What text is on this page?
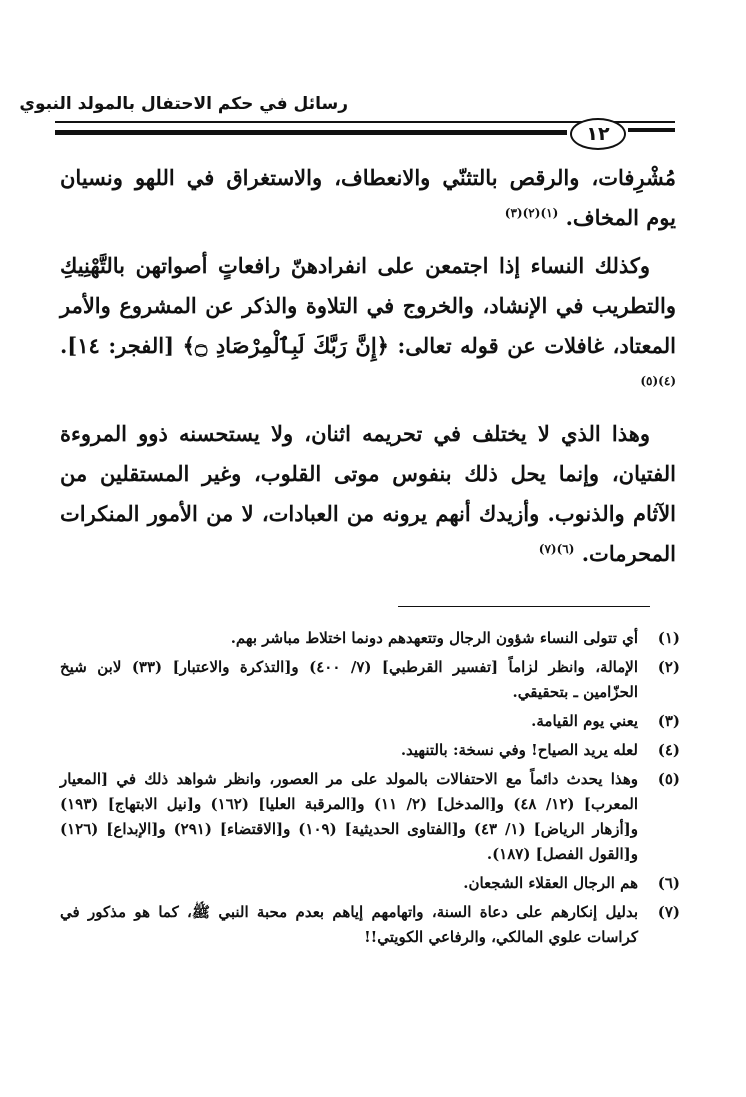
رسائل في حكم الاحتفال بالمولد النبوي
١٢

مُشْرِفات، والرقص بالتثنّي والانعطاف، والاستغراق في اللهو ونسيان يوم المخاف. $^{(١)(٢)(٣)}$

وكذلك النساء إذا اجتمعن على انفرادهنّ رافعاتٍ أصواتهن بالتَّهْنِيكِ والتطريب في الإنشاد، والخروج في التلاوة والذكر عن المشروع والأمر المعتاد، غافلات عن قوله تعالى: ﴿إِنَّ رَبَّكَ لَبِٱلْمِرْصَادِ ۝﴾ [الفجر: ١٤]. $^{(٤)(٥)}$

وهذا الذي لا يختلف في تحريمه اثنان، ولا يستحسنه ذوو المروءة الفتيان، وإنما يحل ذلك بنفوس موتى القلوب، وغير المستقلين من الآثام والذنوب. وأزيدك أنهم يرونه من العبادات، لا من الأمور المنكرات المحرمات. $^{(٦)(٧)}$

(١)
أي تتولى النساء شؤون الرجال وتتعهدهم دونما اختلاط مباشر بهم.
(٢)
الإمالة، وانظر لزاماً [تفسير القرطبي] (٧/ ٤٠٠) و[التذكرة والاعتبار] (٣٣) لابن شيخ الحزّامين ـ بتحقيقي.
(٣)
يعني يوم القيامة.
(٤)
لعله يريد الصياح! وفي نسخة: بالتنهيد.
(٥)
وهذا يحدث دائماً مع الاحتفالات بالمولد على مر العصور، وانظر شواهد ذلك في [المعيار المعرب] (١٢/ ٤٨) و[المدخل] (٢/ ١١) و[المرقبة العليا] (١٦٢) و[نيل الابتهاج] (١٩٣) و[أزهار الرياض] (١/ ٤٣) و[الفتاوى الحديثية] (١٠٩) و[الاقتضاء] (٢٩١) و[الإبداع] (١٢٦) و[القول الفصل] (١٨٧).
(٦)
هم الرجال العقلاء الشجعان.
(٧)
بدليل إنكارهم على دعاة السنة، واتهامهم إياهم بعدم محبة النبي ﷺ، كما هو مذكور في كراسات علوي المالكي، والرفاعي الكويتي!!
